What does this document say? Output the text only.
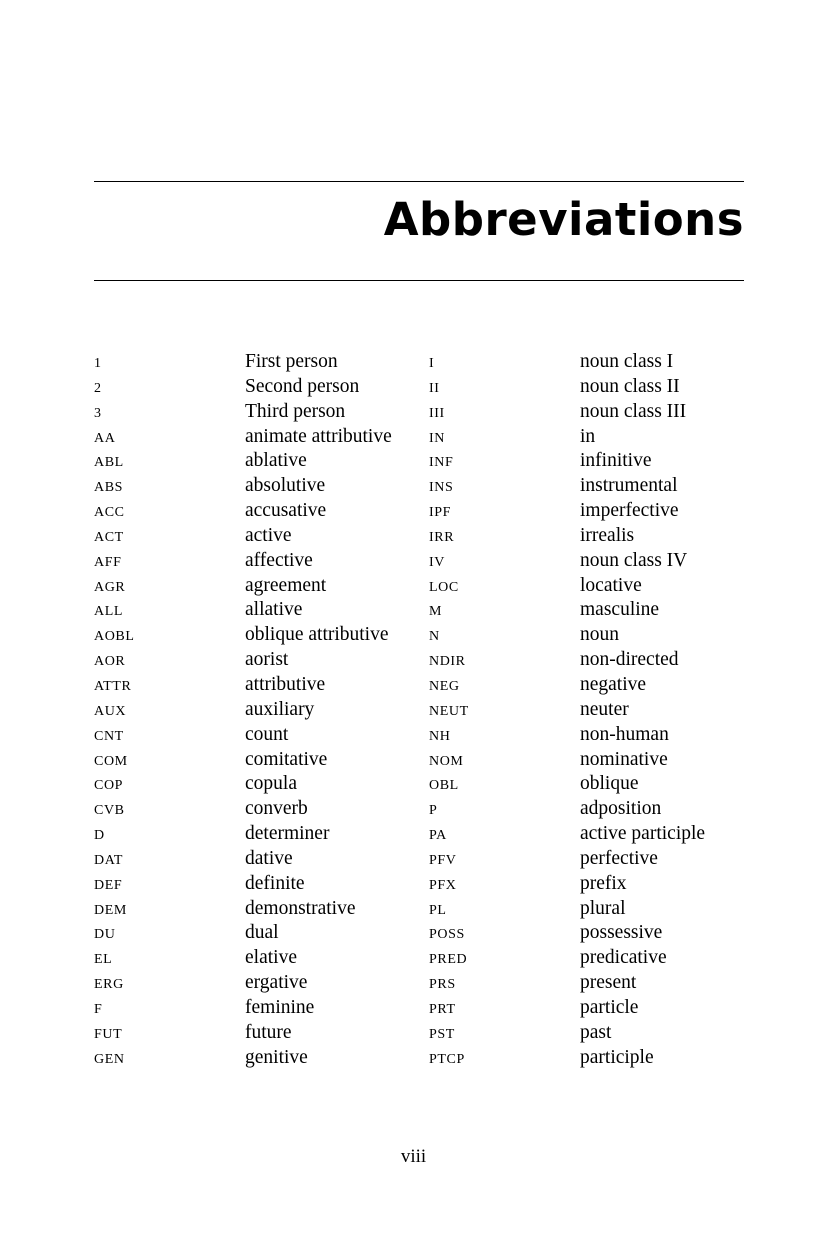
Abbreviations
1	First person	I	noun class I
2	Second person	II	noun class II
3	Third person	III	noun class III
AA	animate attributive	IN	in
ABL	ablative	INF	infinitive
ABS	absolutive	INS	instrumental
ACC	accusative	IPF	imperfective
ACT	active	IRR	irrealis
AFF	affective	IV	noun class IV
AGR	agreement	LOC	locative
ALL	allative	M	masculine
AOBL	oblique attributive	N	noun
AOR	aorist	NDIR	non-directed
ATTR	attributive	NEG	negative
AUX	auxiliary	NEUT	neuter
CNT	count	NH	non-human
COM	comitative	NOM	nominative
COP	copula	OBL	oblique
CVB	converb	P	adposition
D	determiner	PA	active participle
DAT	dative	PFV	perfective
DEF	definite	PFX	prefix
DEM	demonstrative	PL	plural
DU	dual	POSS	possessive
EL	elative	PRED	predicative
ERG	ergative	PRS	present
F	feminine	PRT	particle
FUT	future	PST	past
GEN	genitive	PTCP	participle
viii
